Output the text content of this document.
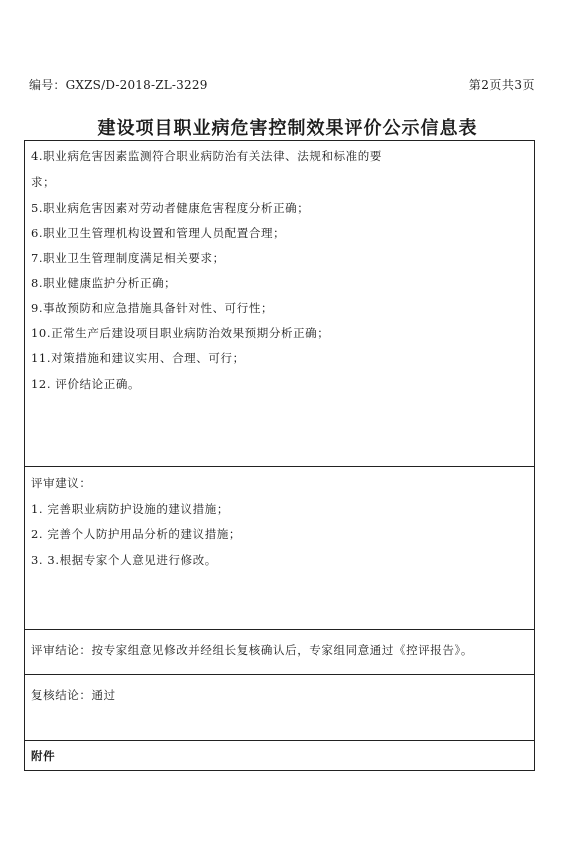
编号：GXZS/D-2018-ZL-3229	第2页共3页
建设项目职业病危害控制效果评价公示信息表
4.职业病危害因素监测符合职业病防治有关法律、法规和标准的要
求；
5.职业病危害因素对劳动者健康危害程度分析正确；
6.职业卫生管理机构设置和管理人员配置合理；
7.职业卫生管理制度满足相关要求；
8.职业健康监护分析正确；
9.事故预防和应急措施具备针对性、可行性；
10.正常生产后建设项目职业病防治效果预期分析正确；
11.对策措施和建议实用、合理、可行；
12. 评价结论正确。
评审建议：
1. 完善职业病防护设施的建议措施；
2. 完善个人防护用品分析的建议措施；
3. 3.根据专家个人意见进行修改。
评审结论：按专家组意见修改并经组长复核确认后，专家组同意通过《控评报告》。
复核结论：通过
附件
